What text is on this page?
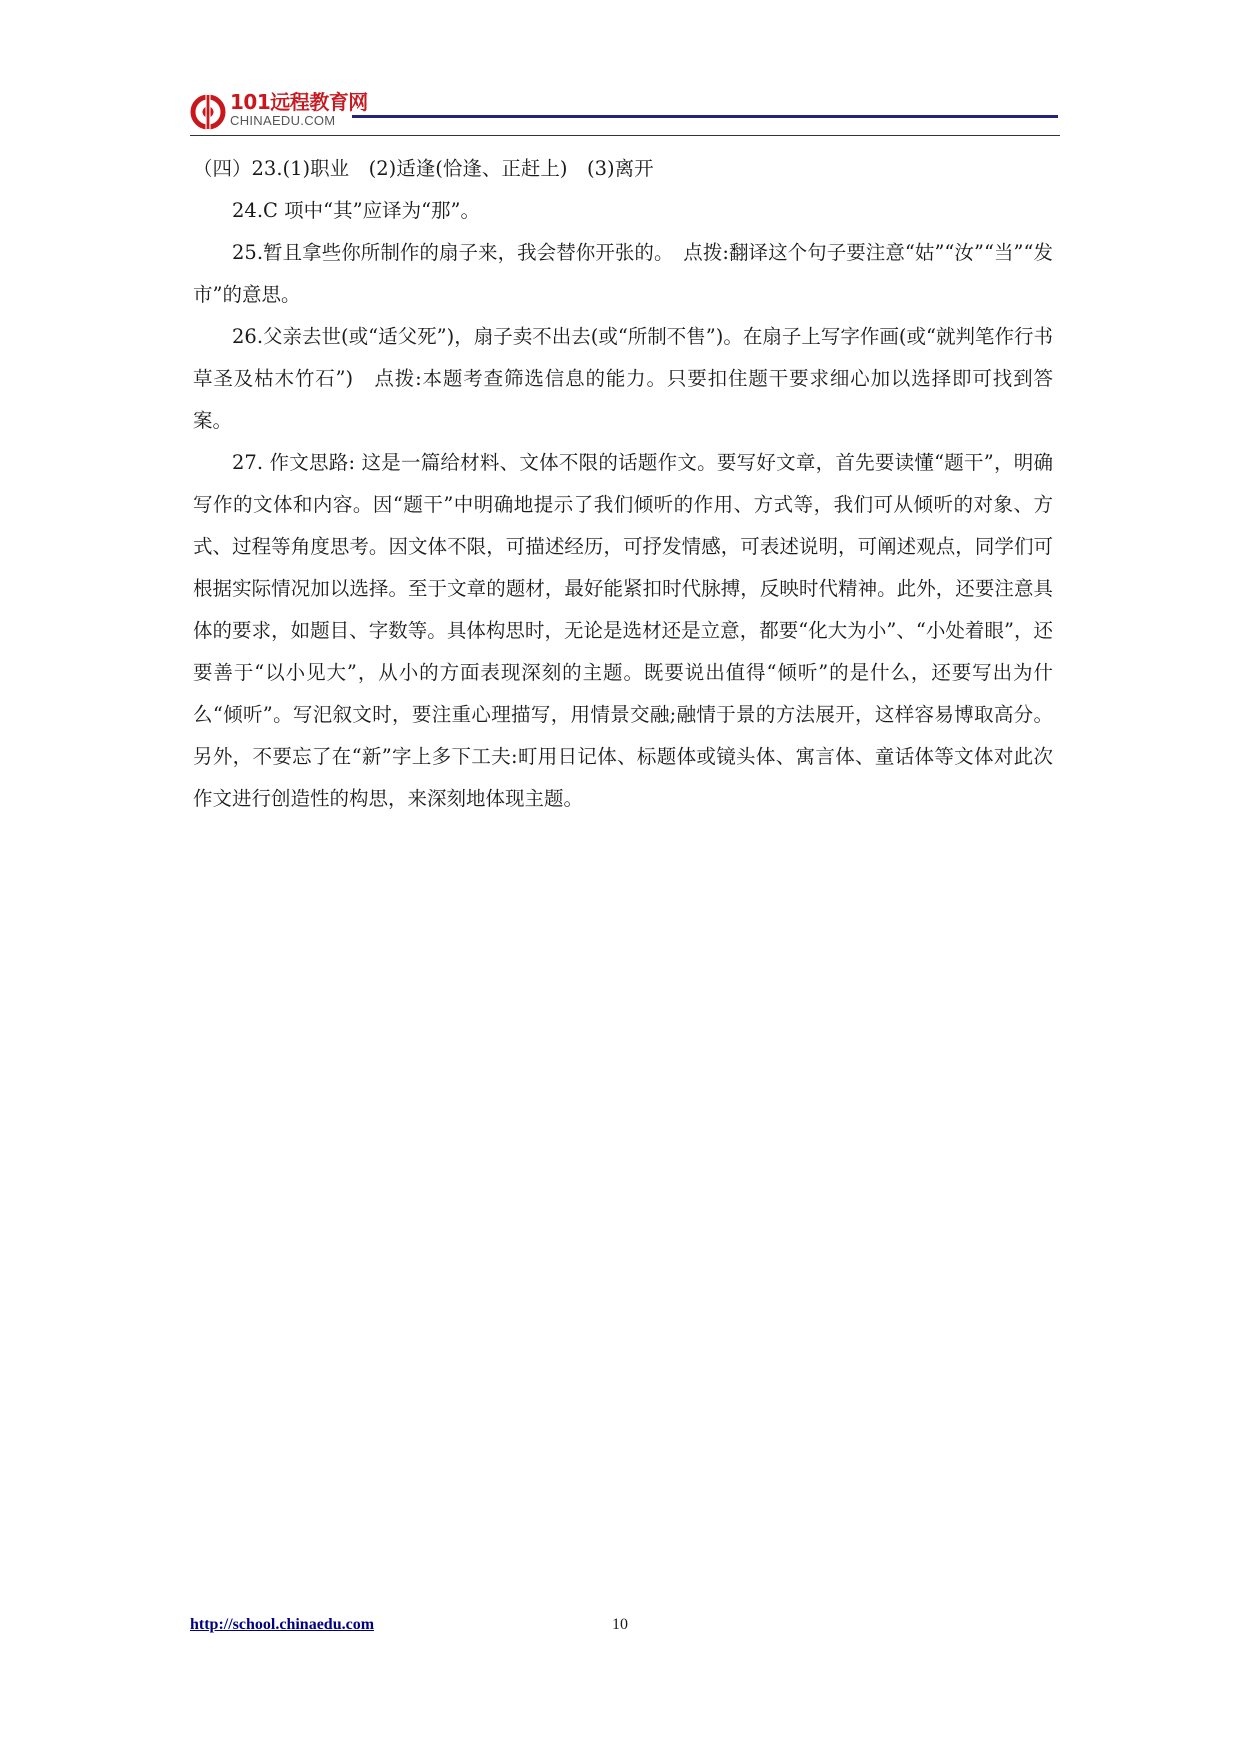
101远程教育网
CHINAEDU.COM

（四）23.(1)职业　(2)适逢(恰逢、正赶上)　(3)离开

24.C 项中“其”应译为“那”。

25.暂且拿些你所制作的扇子来，我会替你开张的。　点拨:翻译这个句子要注意“姑”“汝”“当”“发市”的意思。

26.父亲去世(或“适父死”)，扇子卖不出去(或“所制不售”)。在扇子上写字作画(或“就判笔作行书草圣及枯木竹石”)　点拨:本题考查筛选信息的能力。只要扣住题干要求细心加以选择即可找到答案。

27. 作文思路: 这是一篇给材料、文体不限的话题作文。要写好文章，首先要读懂“题干”，明确写作的文体和内容。因“题干”中明确地提示了我们倾听的作用、方式等，我们可从倾听的对象、方式、过程等角度思考。因文体不限，可描述经历，可抒发情感，可表述说明，可阐述观点，同学们可根据实际情况加以选择。至于文章的题材，最好能紧扣时代脉搏，反映时代精神。此外，还要注意具体的要求，如题目、字数等。具体构思时，无论是选材还是立意，都要“化大为小”、“小处着眼”，还要善于“以小见大”，从小的方面表现深刻的主题。既要说出值得“倾听”的是什么，还要写出为什么“倾听”。写汜叙文时，要注重心理描写，用情景交融;融情于景的方法展开，这样容易博取高分。另外，不要忘了在“新”字上多下工夫:町用日记体、标题体或镜头体、寓言体、童话体等文体对此次作文进行创造性的构思，来深刻地体现主题。

http://school.chinaedu.com	10
